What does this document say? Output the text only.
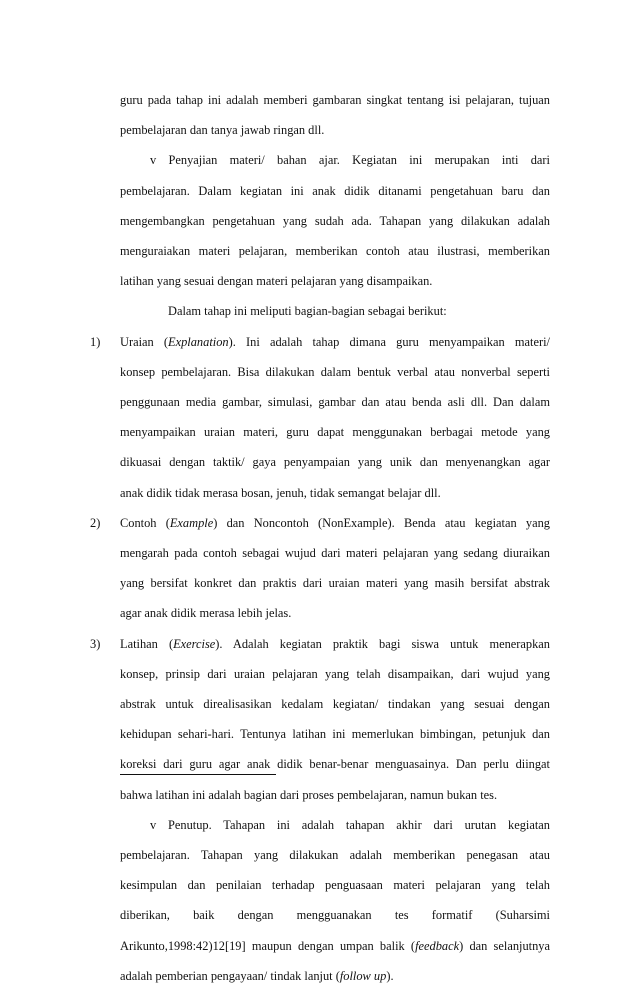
guru pada tahap ini adalah memberi gambaran singkat tentang isi pelajaran, tujuan
pembelajaran dan tanya jawab ringan dll.
v Penyajian materi/ bahan ajar. Kegiatan ini merupakan inti dari
pembelajaran. Dalam kegiatan ini anak didik ditanami pengetahuan baru dan
mengembangkan pengetahuan yang sudah ada. Tahapan yang dilakukan adalah
menguraiakan materi pelajaran, memberikan contoh atau ilustrasi, memberikan
latihan yang sesuai dengan materi pelajaran yang disampaikan.
Dalam tahap ini meliputi bagian-bagian sebagai berikut:
1) Uraian (Explanation). Ini adalah tahap dimana guru menyampaikan materi/
konsep pembelajaran. Bisa dilakukan dalam bentuk verbal atau nonverbal seperti
penggunaan media gambar, simulasi, gambar dan atau benda asli dll. Dan dalam
menyampaikan uraian materi, guru dapat menggunakan berbagai metode yang
dikuasai dengan taktik/ gaya penyampaian yang unik dan menyenangkan agar
anak didik tidak merasa bosan, jenuh, tidak semangat belajar dll.
2) Contoh (Example) dan Noncontoh (NonExample). Benda atau kegiatan yang
mengarah pada contoh sebagai wujud dari materi pelajaran yang sedang diuraikan
yang bersifat konkret dan praktis dari uraian materi yang masih bersifat abstrak
agar anak didik merasa lebih jelas.
3) Latihan (Exercise). Adalah kegiatan praktik bagi siswa untuk menerapkan
konsep, prinsip dari uraian pelajaran yang telah disampaikan, dari wujud yang
abstrak untuk direalisasikan kedalam kegiatan/ tindakan yang sesuai dengan
kehidupan sehari-hari. Tentunya latihan ini memerlukan bimbingan, petunjuk dan
koreksi dari guru agar anak didik benar-benar menguasainya. Dan perlu diingat
bahwa latihan ini adalah bagian dari proses pembelajaran, namun bukan tes.
v Penutup. Tahapan ini adalah tahapan akhir dari urutan kegiatan
pembelajaran. Tahapan yang dilakukan adalah memberikan penegasan atau
kesimpulan dan penilaian terhadap penguasaan materi pelajaran yang telah
diberikan, baik dengan mengguanakan tes formatif (Suharsimi
Arikunto,1998:42)12[19] maupun dengan umpan balik (feedback) dan selanjutnya
adalah pemberian pengayaan/ tindak lanjut (follow up).
